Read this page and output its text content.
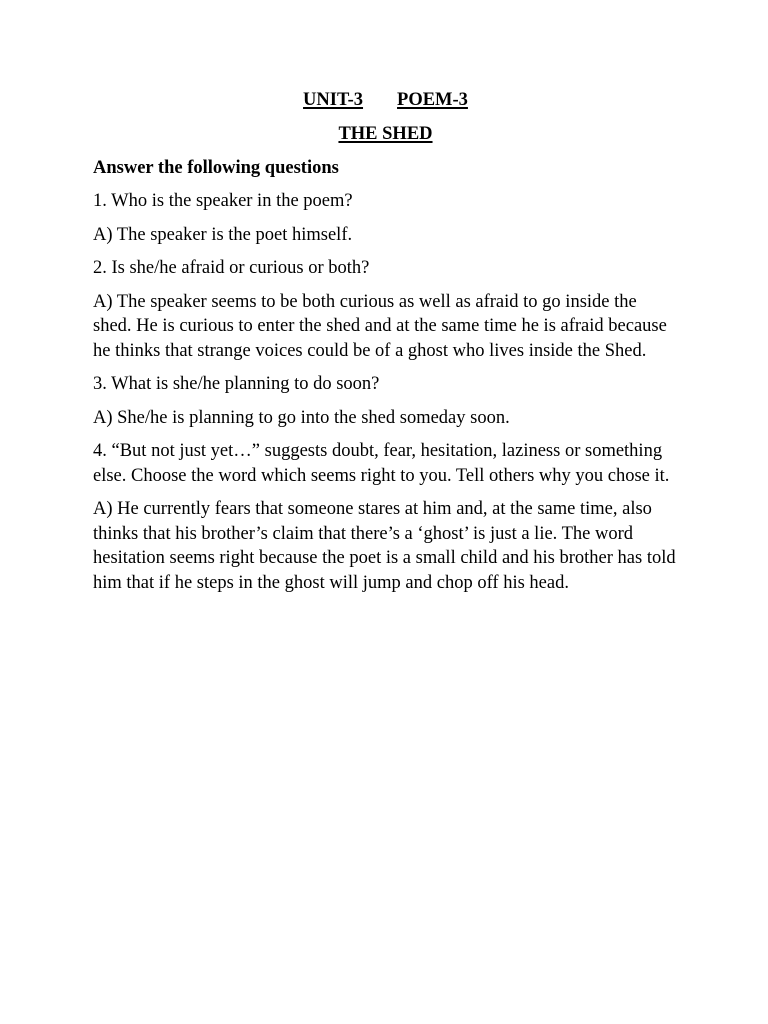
UNIT-3 POEM-3
THE SHED

Answer the following questions

1. Who is the speaker in the poem?

A) The speaker is the poet himself.

2. Is she/he afraid or curious or both?

A) The speaker seems to be both curious as well as afraid to go inside the shed. He is curious to enter the shed and at the same time he is afraid because he thinks that strange voices could be of a ghost who lives inside the Shed.

3. What is she/he planning to do soon?

A) She/he is planning to go into the shed someday soon.

4. “But not just yet…” suggests doubt, fear, hesitation, laziness or something else. Choose the word which seems right to you. Tell others why you chose it.

A) He currently fears that someone stares at him and, at the same time, also thinks that his brother’s claim that there’s a ‘ghost’ is just a lie. The word hesitation seems right because the poet is a small child and his brother has told him that if he steps in the ghost will jump and chop off his head.
